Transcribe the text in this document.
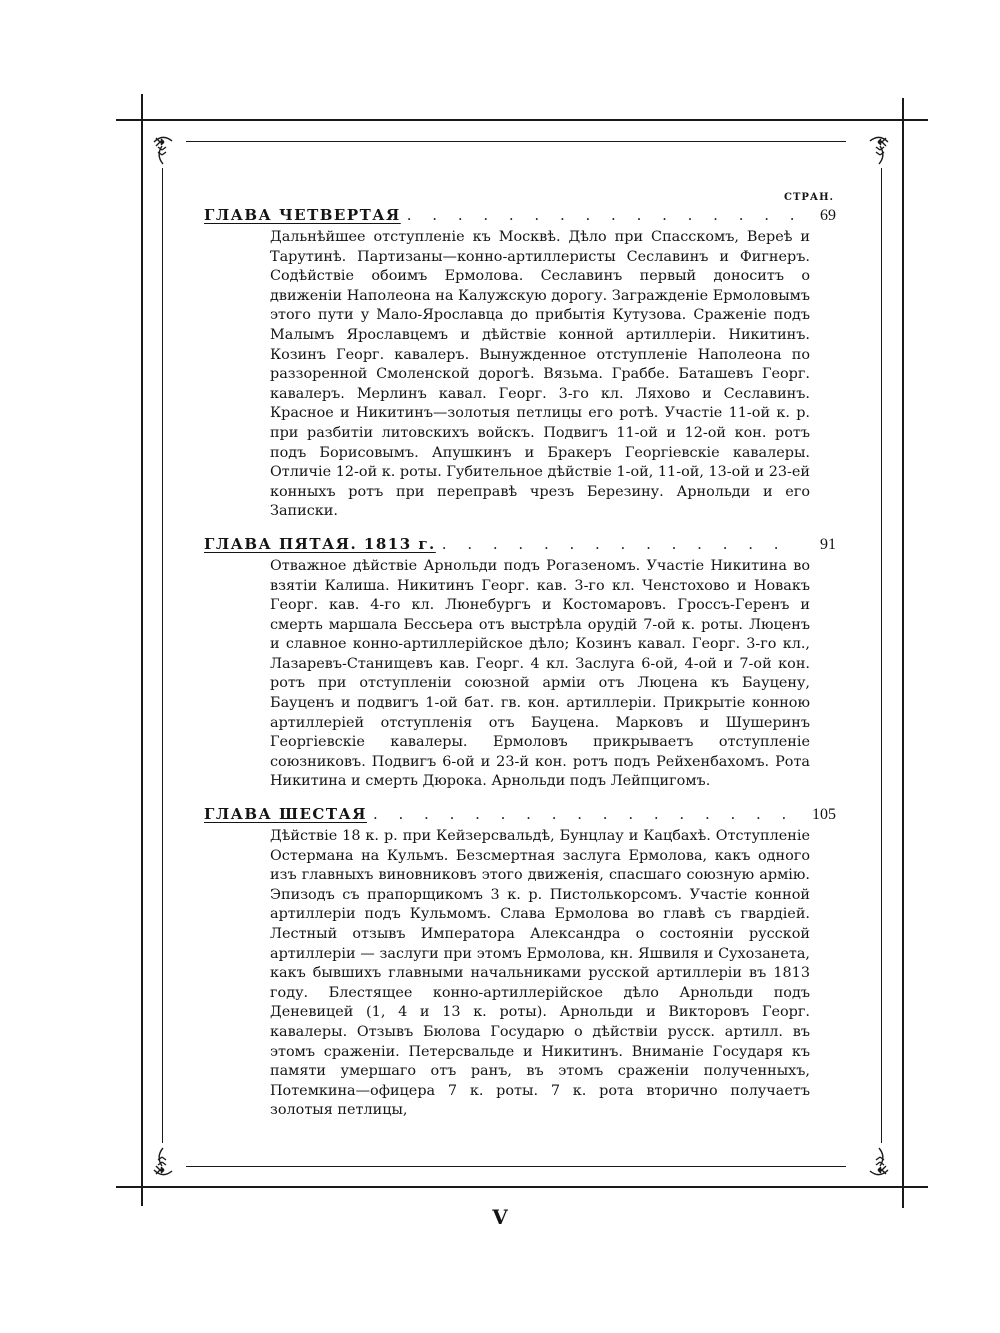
СТРАН.
ГЛАВА ЧЕТВЕРТАЯ . . .	69
Дальнѣйшее отступленіе къ Москвѣ. Дѣло при Спасскомъ, Вереѣ и Тарутинѣ. Партизаны—конно-артиллеристы Сеславинъ и Фигнеръ. Содѣйствіе обоимъ Ермолова. Сеславинъ первый доноситъ о движеніи Наполеона на Калужскую дорогу. Загражденіе Ермоловымъ этого пути у Мало-Ярославца до прибытія Кутузова. Сраженіе подъ Малымъ Ярославцемъ и дѣйствіе конной артиллеріи. Никитинъ. Козинъ Георг. кавалеръ. Вынужденное отступленіе Наполеона по раззоренной Смоленской дорогѣ. Вязьма. Граббе. Баташевъ Георг. кавалеръ. Мерлинъ кавал. Георг. 3-го кл. Ляхово и Сеславинъ. Красное и Никитинъ—золотыя петлицы его ротѣ. Участіе 11-ой к. р. при разбитіи литовскихъ войскъ. Подвигъ 11-ой и 12-ой кон. ротъ подъ Борисовымъ. Апушкинъ и Бракеръ Георгіевскіе кавалеры. Отличіе 12-ой к. роты. Губительное дѣйствіе 1-ой, 11-ой, 13-ой и 23-ей конныхъ ротъ при переправѣ чрезъ Березину. Арнольди и его Записки.
ГЛАВА ПЯТАЯ. 1813 г. . . .	91
Отважное дѣйствіе Арнольди подъ Рогазеномъ. Участіе Никитина во взятіи Калиша. Никитинъ Георг. кав. 3-го кл. Ченстохово и Новакъ Георг. кав. 4-го кл. Люнебургъ и Костомаровъ. Гроссъ-Геренъ и смерть маршала Бессьера отъ выстрѣла орудій 7-ой к. роты. Люценъ и славное конно-артиллерійское дѣло; Козинъ кавал. Георг. 3-го кл., Лазаревъ-Станищевъ кав. Георг. 4 кл. Заслуга 6-ой, 4-ой и 7-ой кон. ротъ при отступленіи союзной арміи отъ Люцена къ Бауцену, Бауценъ и подвигъ 1-ой бат. гв. кон. артиллеріи. Прикрытіе конною артиллеріей отступленія отъ Бауцена. Марковъ и Шушеринъ Георгіевскіе кавалеры. Ермоловъ прикрываетъ отступленіе союзниковъ. Подвигъ 6-ой и 23-й кон. ротъ подъ Рейхенбахомъ. Рота Никитина и смерть Дюрока. Арнольди подъ Лейпцигомъ.
ГЛАВА ШЕСТАЯ . . .	105
Дѣйствіе 18 к. р. при Кейзерсвальдѣ, Бунцлау и Кацбахѣ. Отступленіе Остермана на Кульмъ. Безсмертная заслуга Ермолова, какъ одного изъ главныхъ виновниковъ этого движенія, спасшаго союзную армію. Эпизодъ съ прапорщикомъ 3 к. р. Пистолькорсомъ. Участіе конной артиллеріи подъ Кульмомъ. Слава Ермолова во главѣ съ гвардіей. Лестный отзывъ Императора Александра о состояніи русской артиллеріи — заслуги при этомъ Ермолова, кн. Яшвиля и Сухозанета, какъ бывшихъ главными начальниками русской артиллеріи въ 1813 году. Блестящее конно-артиллерійское дѣло Арнольди подъ Деневицей (1, 4 и 13 к. роты). Арнольди и Викторовъ Георг. кавалеры. Отзывъ Бюлова Государю о дѣйствіи русск. артилл. въ этомъ сраженіи. Петерсвальде и Никитинъ. Вниманіе Государя къ памяти умершаго отъ ранъ, въ этомъ сраженіи полученныхъ, Потемкина—офицера 7 к. роты. 7 к. рота вторично получаетъ золотыя петлицы,
V
